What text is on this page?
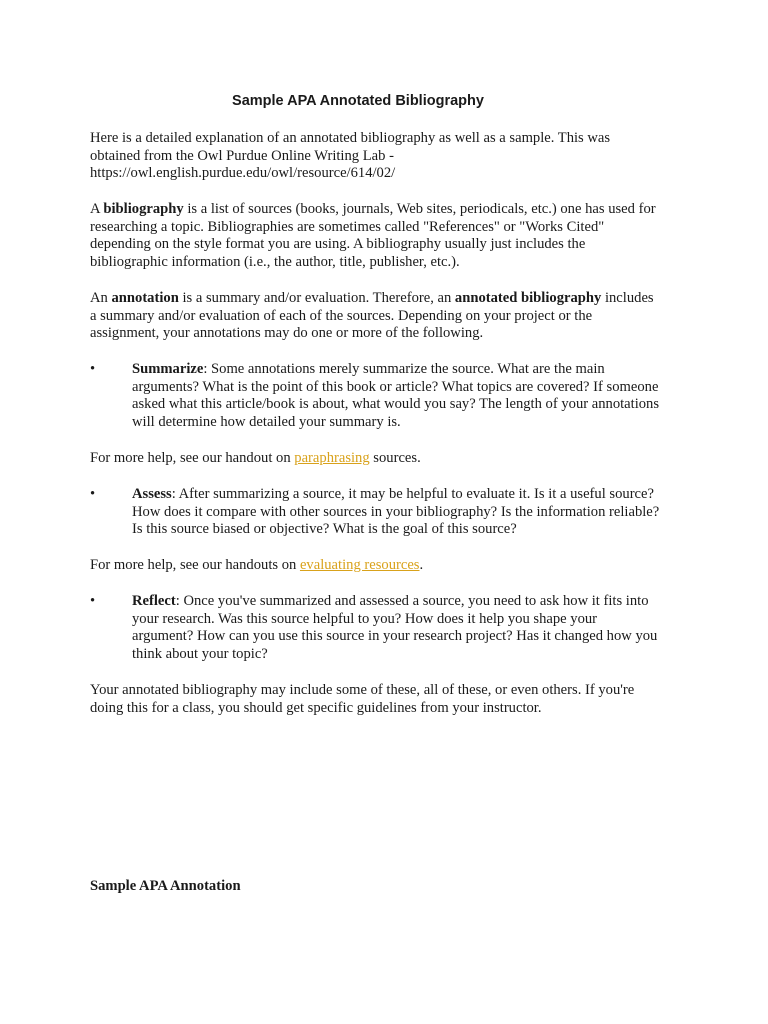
Sample APA Annotated Bibliography

Here is a detailed explanation of an annotated bibliography as well as a sample. This was
obtained from the Owl Purdue Online Writing Lab -
https://owl.english.purdue.edu/owl/resource/614/02/

A bibliography is a list of sources (books, journals, Web sites, periodicals, etc.) one has used for
researching a topic. Bibliographies are sometimes called "References" or "Works Cited"
depending on the style format you are using. A bibliography usually just includes the
bibliographic information (i.e., the author, title, publisher, etc.).

An annotation is a summary and/or evaluation. Therefore, an annotated bibliography includes
a summary and/or evaluation of each of the sources. Depending on your project or the
assignment, your annotations may do one or more of the following.

•	Summarize: Some annotations merely summarize the source. What are the main
arguments? What is the point of this book or article? What topics are covered? If someone
asked what this article/book is about, what would you say? The length of your annotations
will determine how detailed your summary is.

For more help, see our handout on paraphrasing sources.

•	Assess: After summarizing a source, it may be helpful to evaluate it. Is it a useful source?
How does it compare with other sources in your bibliography? Is the information reliable?
Is this source biased or objective? What is the goal of this source?

For more help, see our handouts on evaluating resources.

•	Reflect: Once you've summarized and assessed a source, you need to ask how it fits into
your research. Was this source helpful to you? How does it help you shape your
argument? How can you use this source in your research project? Has it changed how you
think about your topic?

Your annotated bibliography may include some of these, all of these, or even others. If you're
doing this for a class, you should get specific guidelines from your instructor.

Sample APA Annotation
